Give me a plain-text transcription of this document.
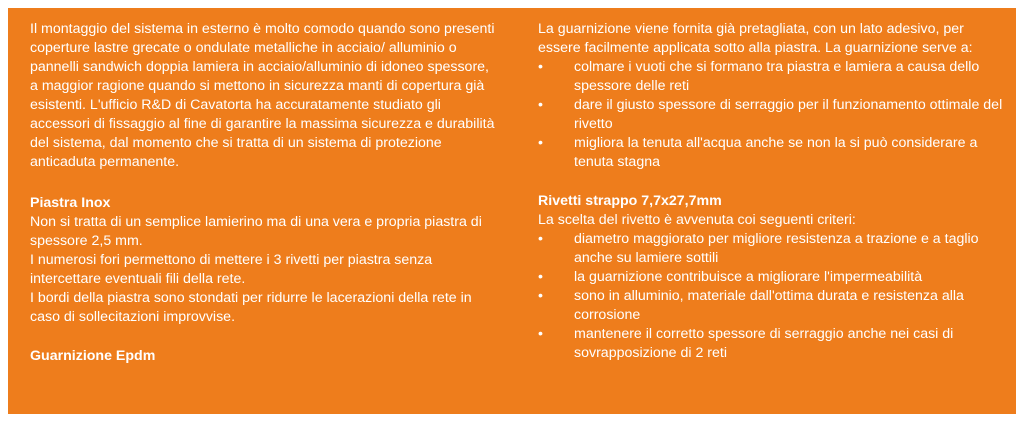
Il montaggio del sistema in esterno è molto comodo quando sono presenti coperture lastre grecate o ondulate metalliche in acciaio/ alluminio o pannelli sandwich doppia lamiera in acciaio/alluminio di idoneo spessore, a maggior ragione quando si mettono in sicurezza manti di copertura già esistenti. L'ufficio R&D di Cavatorta ha accuratamente studiato gli accessori di fissaggio al fine di garantire la massima sicurezza e durabilità del sistema, dal momento che si tratta di un sistema di protezione anticaduta permanente.

Piastra Inox

Non si tratta di un semplice lamierino ma di una vera e propria piastra di spessore 2,5 mm.

I numerosi fori permettono di mettere i 3 rivetti per piastra senza intercettare eventuali fili della rete.

I bordi della piastra sono stondati per ridurre le lacerazioni della rete in caso di sollecitazioni improvvise.

Guarnizione Epdm

La guarnizione viene fornita già pretagliata, con un lato adesivo, per essere facilmente applicata sotto alla piastra. La guarnizione serve a:

•	colmare i vuoti che si formano tra piastra e lamiera a causa dello spessore delle reti
•	dare il giusto spessore di serraggio per il funzionamento ottimale del rivetto
•	migliora la tenuta all'acqua anche se non la si può considerare a tenuta stagna

Rivetti strappo 7,7x27,7mm

La scelta del rivetto è avvenuta coi seguenti criteri:

•	diametro maggiorato per migliore resistenza a trazione e a taglio anche su lamiere sottili
•	la guarnizione contribuisce a migliorare l'impermeabilità
•	sono in alluminio, materiale dall'ottima durata e resistenza alla corrosione
•	mantenere il corretto spessore di serraggio anche nei casi di sovrapposizione di 2 reti
